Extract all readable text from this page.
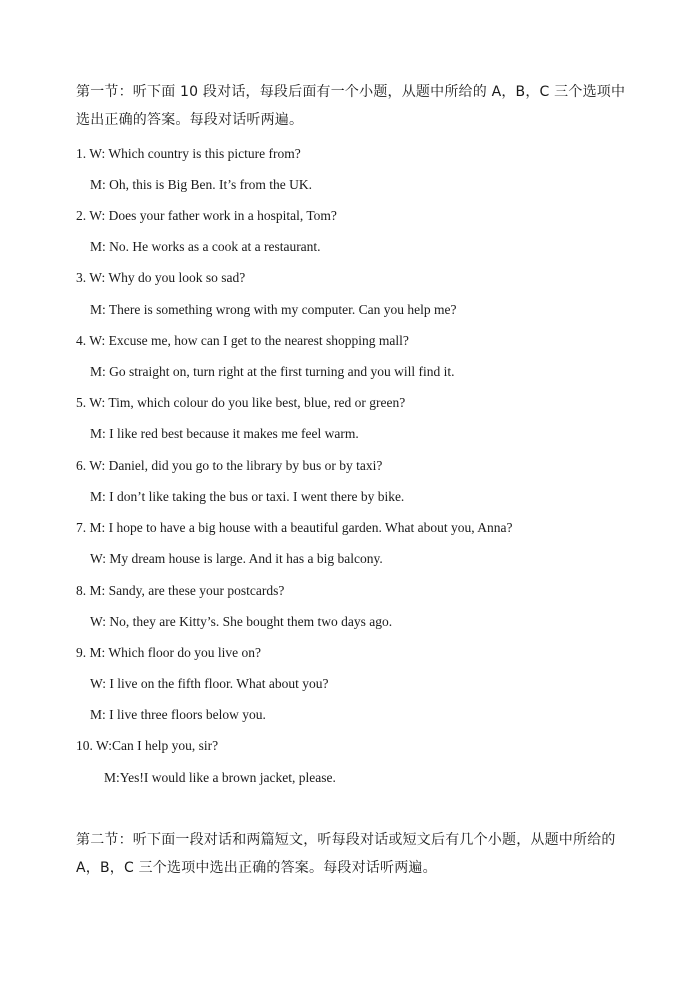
第一节：听下面 10 段对话，每段后面有一个小题，从题中所给的 A，B，C 三个选项中选出正确的答案。每段对话听两遍。
1. W: Which country is this picture from?
M: Oh, this is Big Ben. It’s from the UK.
2. W: Does your father work in a hospital, Tom?
M: No. He works as a cook at a restaurant.
3. W: Why do you look so sad?
M: There is something wrong with my computer. Can you help me?
4. W: Excuse me, how can I get to the nearest shopping mall?
M: Go straight on, turn right at the first turning and you will find it.
5. W: Tim, which colour do you like best, blue, red or green?
M: I like red best because it makes me feel warm.
6. W: Daniel, did you go to the library by bus or by taxi?
M: I don’t like taking the bus or taxi. I went there by bike.
7. M: I hope to have a big house with a beautiful garden. What about you, Anna?
W: My dream house is large. And it has a big balcony.
8. M: Sandy, are these your postcards?
W: No, they are Kitty’s. She bought them two days ago.
9. M: Which floor do you live on?
W: I live on the fifth floor. What about you?
M: I live three floors below you.
10. W:Can I help you, sir?
M:Yes!I would like a brown jacket, please.
第二节：听下面一段对话和两篇短文，听每段对话或短文后有几个小题，从题中所给的 A，B，C 三个选项中选出正确的答案。每段对话听两遍。
